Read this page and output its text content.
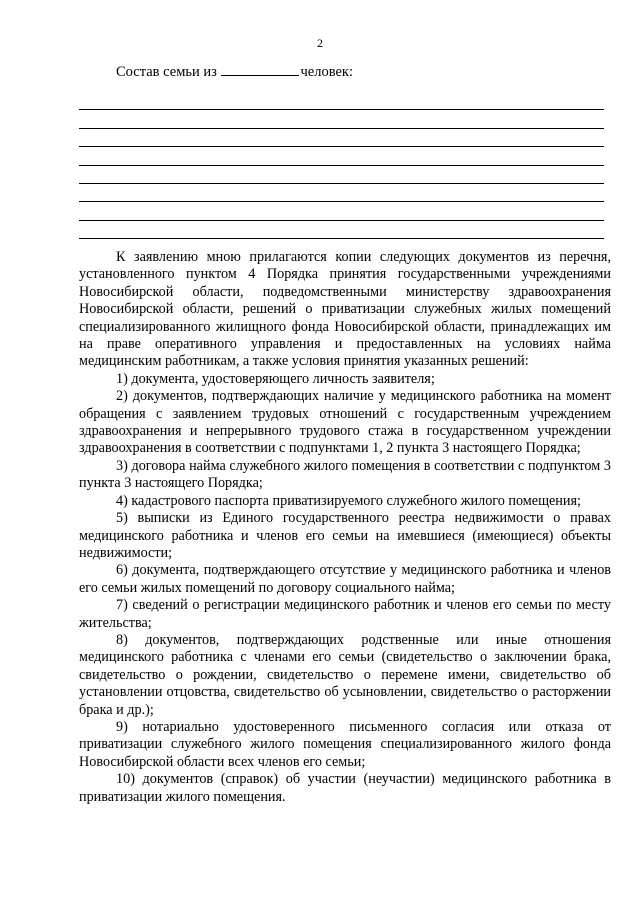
2
Состав семьи из	человек:

К заявлению мною прилагаются копии следующих документов из перечня, установленного пунктом 4 Порядка принятия государственными учреждениями Новосибирской области, подведомственными министерству здравоохранения Новосибирской области, решений о приватизации служебных жилых помещений специализированного жилищного фонда Новосибирской области, принадлежащих им на праве оперативного управления и предоставленных на условиях найма медицинским работникам, а также условия принятия указанных решений:

1) документа, удостоверяющего личность заявителя;

2) документов, подтверждающих наличие у медицинского работника на момент обращения с заявлением трудовых отношений с государственным учреждением здравоохранения и непрерывного трудового стажа в государственном учреждении здравоохранения в соответствии с подпунктами 1, 2 пункта 3 настоящего Порядка;

3) договора найма служебного жилого помещения в соответствии с подпунктом 3 пункта 3 настоящего Порядка;

4) кадастрового паспорта приватизируемого служебного жилого помещения;

5) выписки из Единого государственного реестра недвижимости о правах медицинского работника и членов его семьи на имевшиеся (имеющиеся) объекты недвижимости;

6) документа, подтверждающего отсутствие у медицинского работника и членов его семьи жилых помещений по договору социального найма;

7) сведений о регистрации медицинского работник и членов его семьи по месту жительства;

8) документов, подтверждающих родственные или иные отношения медицинского работника с членами его семьи (свидетельство о заключении брака, свидетельство о рождении, свидетельство о перемене имени, свидетельство об установлении отцовства, свидетельство об усыновлении, свидетельство о расторжении брака и др.);

9) нотариально удостоверенного письменного согласия или отказа от приватизации служебного жилого помещения специализированного жилого фонда Новосибирской области всех членов его семьи;

10) документов (справок) об участии (неучастии) медицинского работника в приватизации жилого помещения.
